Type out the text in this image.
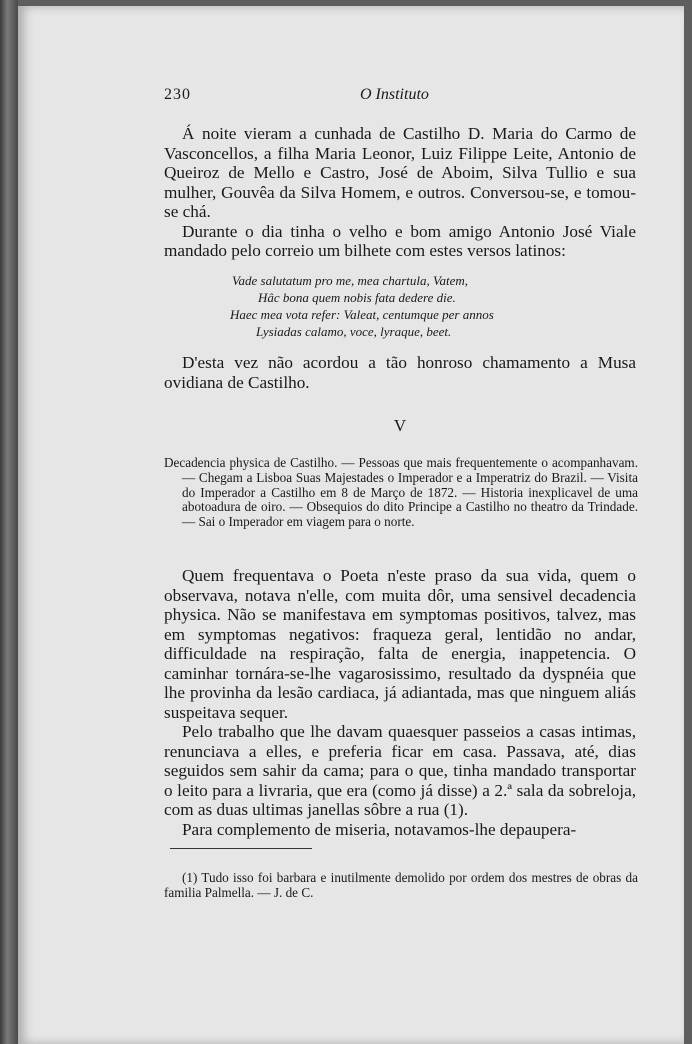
230	O Instituto

Á noite vieram a cunhada de Castilho D. Maria do Carmo de Vasconcellos, a filha Maria Leonor, Luiz Filippe Leite, Antonio de Queiroz de Mello e Castro, José de Aboim, Silva Tullio e sua mulher, Gouvêa da Silva Homem, e outros. Conversou-se, e tomou-se chá.

Durante o dia tinha o velho e bom amigo Antonio José Viale mandado pelo correio um bilhete com estes versos latinos:

Vade salutatum pro me, mea chartula, Vatem,
Hâc bona quem nobis fata dedere die.
Haec mea vota refer: Valeat, centumque per annos
Lysiadas calamo, voce, lyraque, beet.

D'esta vez não acordou a tão honroso chamamento a Musa ovidiana de Castilho.

V

Decadencia physica de Castilho. — Pessoas que mais frequentemente o acompanhavam. — Chegam a Lisboa Suas Majestades o Imperador e a Imperatriz do Brazil. — Visita do Imperador a Castilho em 8 de Março de 1872. — Historia inexplicavel de uma abotoadura de oiro. — Obsequios do dito Principe a Castilho no theatro da Trindade. — Sai o Imperador em viagem para o norte.

Quem frequentava o Poeta n'este praso da sua vida, quem o observava, notava n'elle, com muita dôr, uma sensivel decadencia physica. Não se manifestava em symptomas positivos, talvez, mas em symptomas negativos: fraqueza geral, lentidão no andar, difficuldade na respiração, falta de energia, inappetencia. O caminhar tornára-se-lhe vagarosissimo, resultado da dyspnéia que lhe provinha da lesão cardiaca, já adiantada, mas que ninguem aliás suspeitava sequer.

Pelo trabalho que lhe davam quaesquer passeios a casas intimas, renunciava a elles, e preferia ficar em casa. Passava, até, dias seguidos sem sahir da cama; para o que, tinha mandado transportar o leito para a livraria, que era (como já disse) a 2.ª sala da sobreloja, com as duas ultimas janellas sôbre a rua (1).

Para complemento de miseria, notavamos-lhe depaupera-

(1) Tudo isso foi barbara e inutilmente demolido por ordem dos mestres de obras da familia Palmella. — J. de C.
